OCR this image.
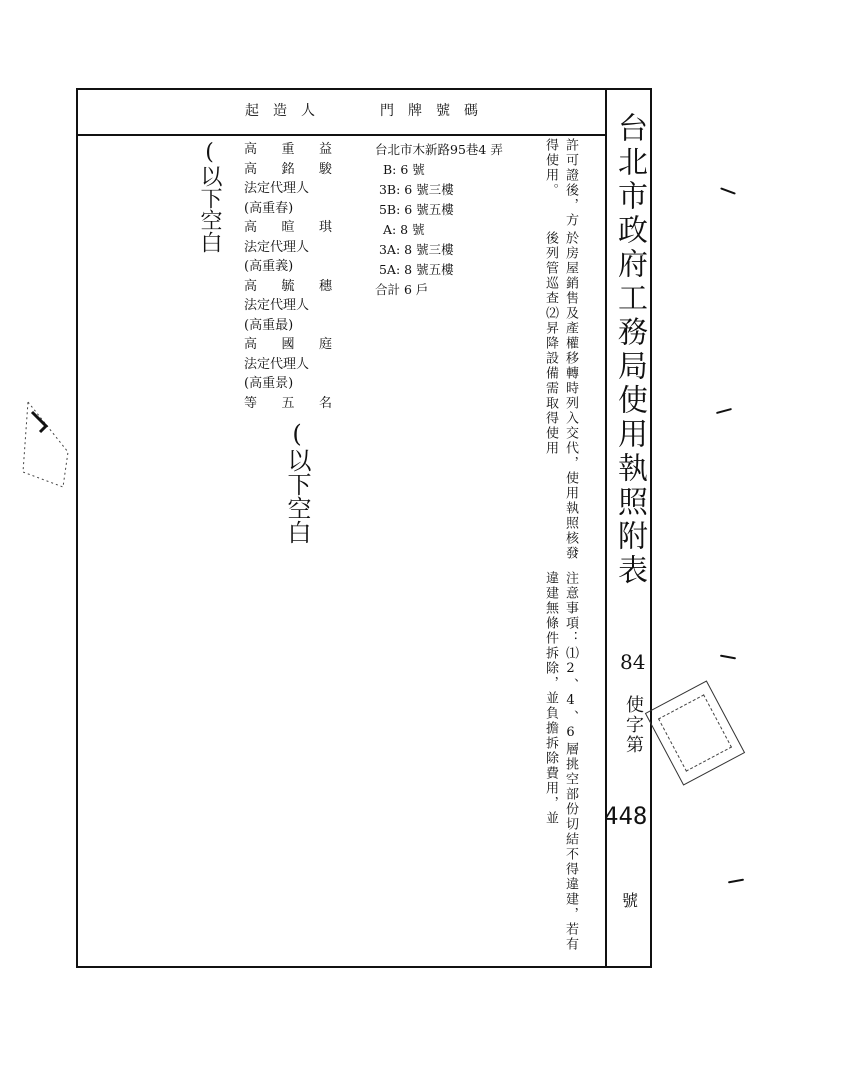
起造人	門牌號碼
台北市政府工務局使用執照附表
84
使字第
448
號
注意事項：⑴2、4、6層挑空部份切結不得違建，若有違建無條件拆除，並負擔拆除費用，並
於房屋銷售及產權移轉時列入交代，使用執照核發後列管巡查⑵昇降設備需取得使用
許可證後，方得使用。
(以下空白
(以下空白
高 重 益
高 銘 駿
法定代理人
(高重春)
高 暄 琪
法定代理人
(高重義)
高 毓 穗
法定代理人
(高重最)
高 國 庭
法定代理人
(高重景)
等 五 名
台北市木新路95巷4 弄
B: 6 號
3B: 6 號三樓
5B: 6 號五樓
A: 8 號
3A: 8 號三樓
5A: 8 號五樓
合計 6 戶
